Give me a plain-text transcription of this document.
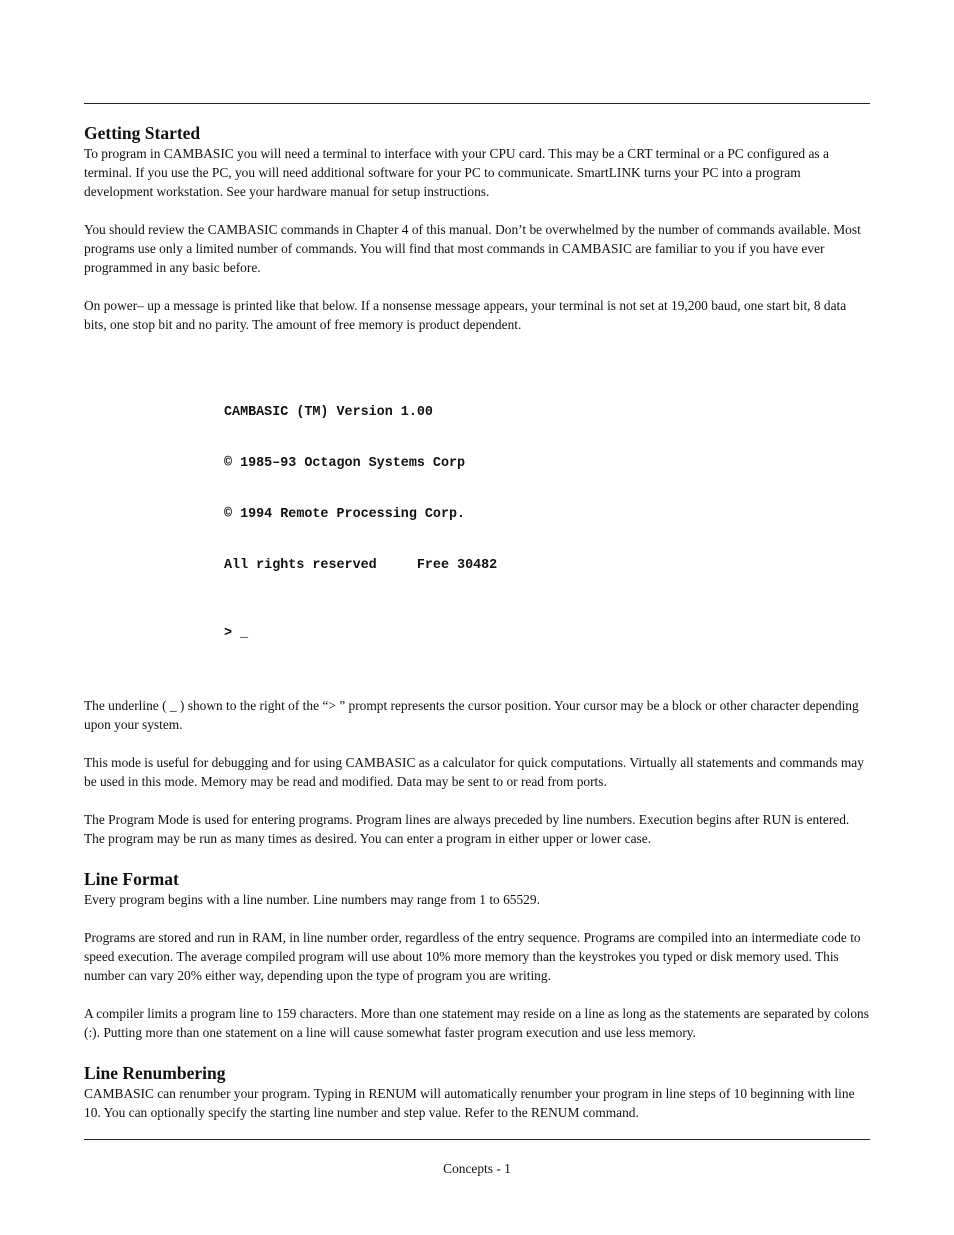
Getting Started

To program in CAMBASIC you will need a terminal to interface with your CPU card. This may be a CRT terminal or a PC configured as a terminal. If you use the PC, you will need additional software for your PC to communicate. SmartLINK turns your PC into a program development workstation. See your hardware manual for setup instructions.

You should review the CAMBASIC commands in Chapter 4 of this manual. Don’t be overwhelmed by the number of commands available. Most programs use only a limited number of commands. You will find that most commands in CAMBASIC are familiar to you if you have ever programmed in any basic before.

On power– up a message is printed like that below. If a nonsense message appears, your terminal is not set at 19,200 baud, one start bit, 8 data bits, one stop bit and no parity. The amount of free memory is product dependent.

CAMBASIC (TM) Version 1.00

© 1985–93 Octagon Systems Corp

© 1994 Remote Processing Corp.

All rights reserved     Free 30482

> _

The underline ( _ ) shown to the right of the “> ” prompt represents the cursor position. Your cursor may be a block or other character depending upon your system.

This mode is useful for debugging and for using CAMBASIC as a calculator for quick computations. Virtually all statements and commands may be used in this mode. Memory may be read and modified. Data may be sent to or read from ports.

The Program Mode is used for entering programs. Program lines are always preceded by line numbers. Execution begins after RUN is entered. The program may be run as many times as desired. You can enter a program in either upper or lower case.

Line Format

Every program begins with a line number. Line numbers may range from 1 to 65529.

Programs are stored and run in RAM, in line number order, regardless of the entry sequence. Programs are compiled into an intermediate code to speed execution. The average compiled program will use about 10% more memory than the keystrokes you typed or disk memory used. This number can vary 20% either way, depending upon the type of program you are writing.

A compiler limits a program line to 159 characters. More than one statement may reside on a line as long as the statements are separated by colons (:). Putting more than one statement on a line will cause somewhat faster program execution and use less memory.

Line Renumbering

CAMBASIC can renumber your program. Typing in RENUM will automatically renumber your program in line steps of 10 beginning with line 10. You can optionally specify the starting line number and step value. Refer to the RENUM command.

Concepts - 1
